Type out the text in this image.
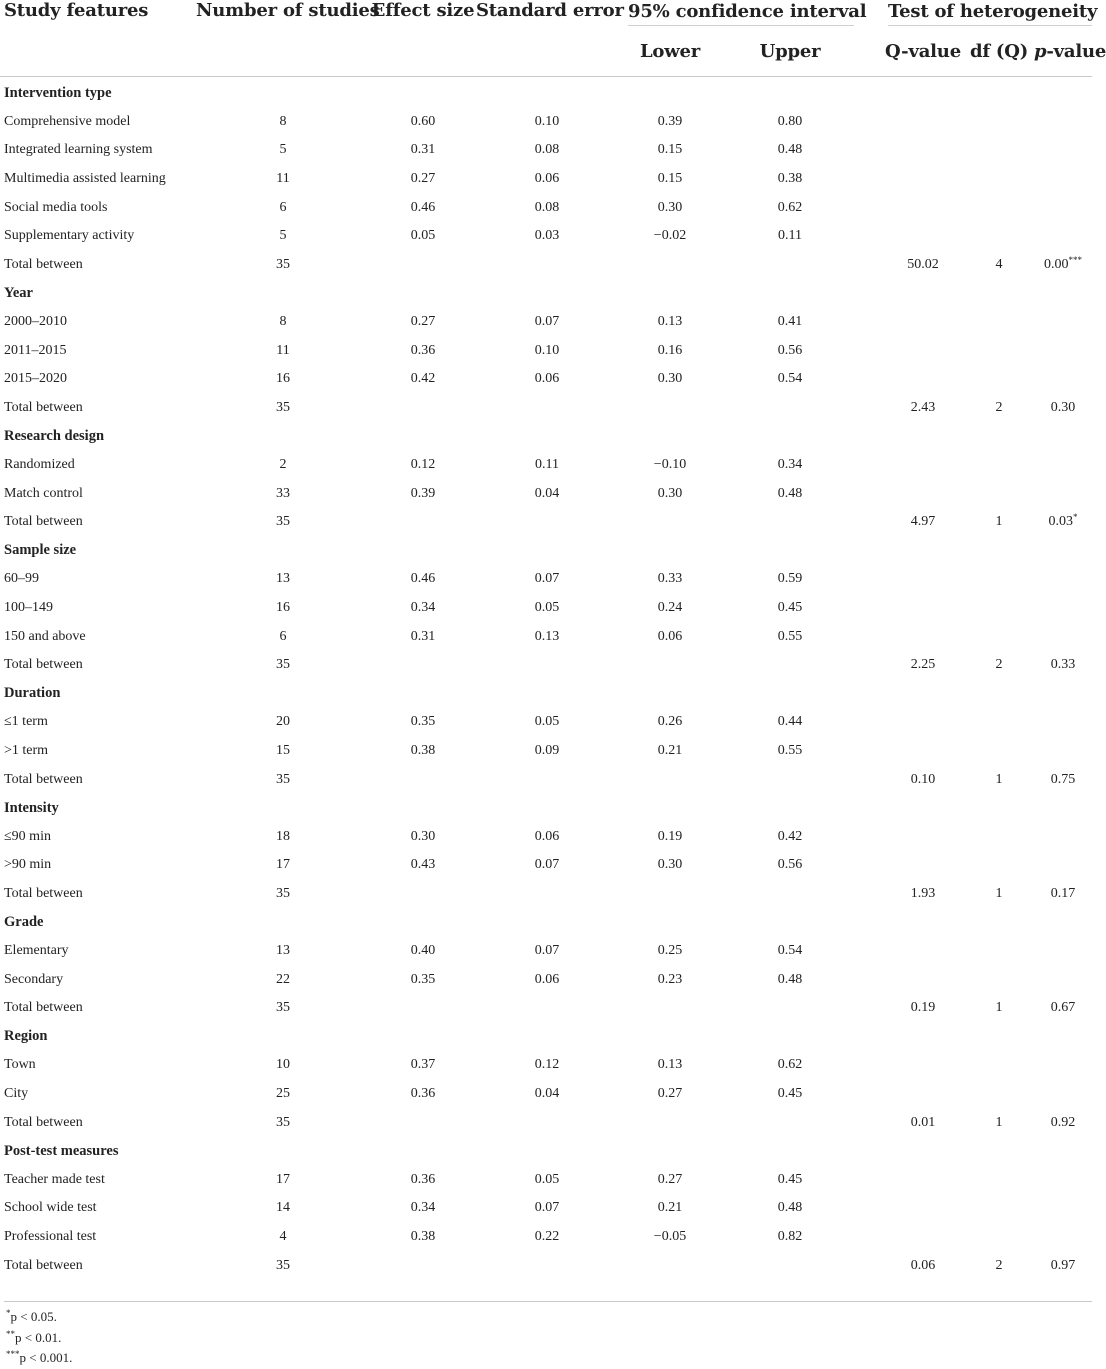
Study features	Number of studies	Effect size	Standard error	95% confidence interval			Test of heterogeneity		

				Lower	Upper		Q-value	df (Q)	p-value

Intervention type									
Comprehensive model	8	0.60	0.10	0.39	0.80				
Integrated learning system	5	0.31	0.08	0.15	0.48				
Multimedia assisted learning	11	0.27	0.06	0.15	0.38				
Social media tools	6	0.46	0.08	0.30	0.62				
Supplementary activity	5	0.05	0.03	−0.02	0.11				
Total between	35						50.02	4	0.00***
Year									
2000–2010	8	0.27	0.07	0.13	0.41				
2011–2015	11	0.36	0.10	0.16	0.56				
2015–2020	16	0.42	0.06	0.30	0.54				
Total between	35						2.43	2	0.30
Research design									
Randomized	2	0.12	0.11	−0.10	0.34				
Match control	33	0.39	0.04	0.30	0.48				
Total between	35						4.97	1	0.03*
Sample size									
60–99	13	0.46	0.07	0.33	0.59				
100–149	16	0.34	0.05	0.24	0.45				
150 and above	6	0.31	0.13	0.06	0.55				
Total between	35						2.25	2	0.33
Duration									
≤1 term	20	0.35	0.05	0.26	0.44				
>1 term	15	0.38	0.09	0.21	0.55				
Total between	35						0.10	1	0.75
Intensity									
≤90 min	18	0.30	0.06	0.19	0.42				
>90 min	17	0.43	0.07	0.30	0.56				
Total between	35						1.93	1	0.17
Grade									
Elementary	13	0.40	0.07	0.25	0.54				
Secondary	22	0.35	0.06	0.23	0.48				
Total between	35						0.19	1	0.67
Region									
Town	10	0.37	0.12	0.13	0.62				
City	25	0.36	0.04	0.27	0.45				
Total between	35						0.01	1	0.92
Post-test measures									
Teacher made test	17	0.36	0.05	0.27	0.45				
School wide test	14	0.34	0.07	0.21	0.48				
Professional test	4	0.38	0.22	−0.05	0.82				
Total between	35						0.06	2	0.97
*p < 0.05.
**p < 0.01.
***p < 0.001.
